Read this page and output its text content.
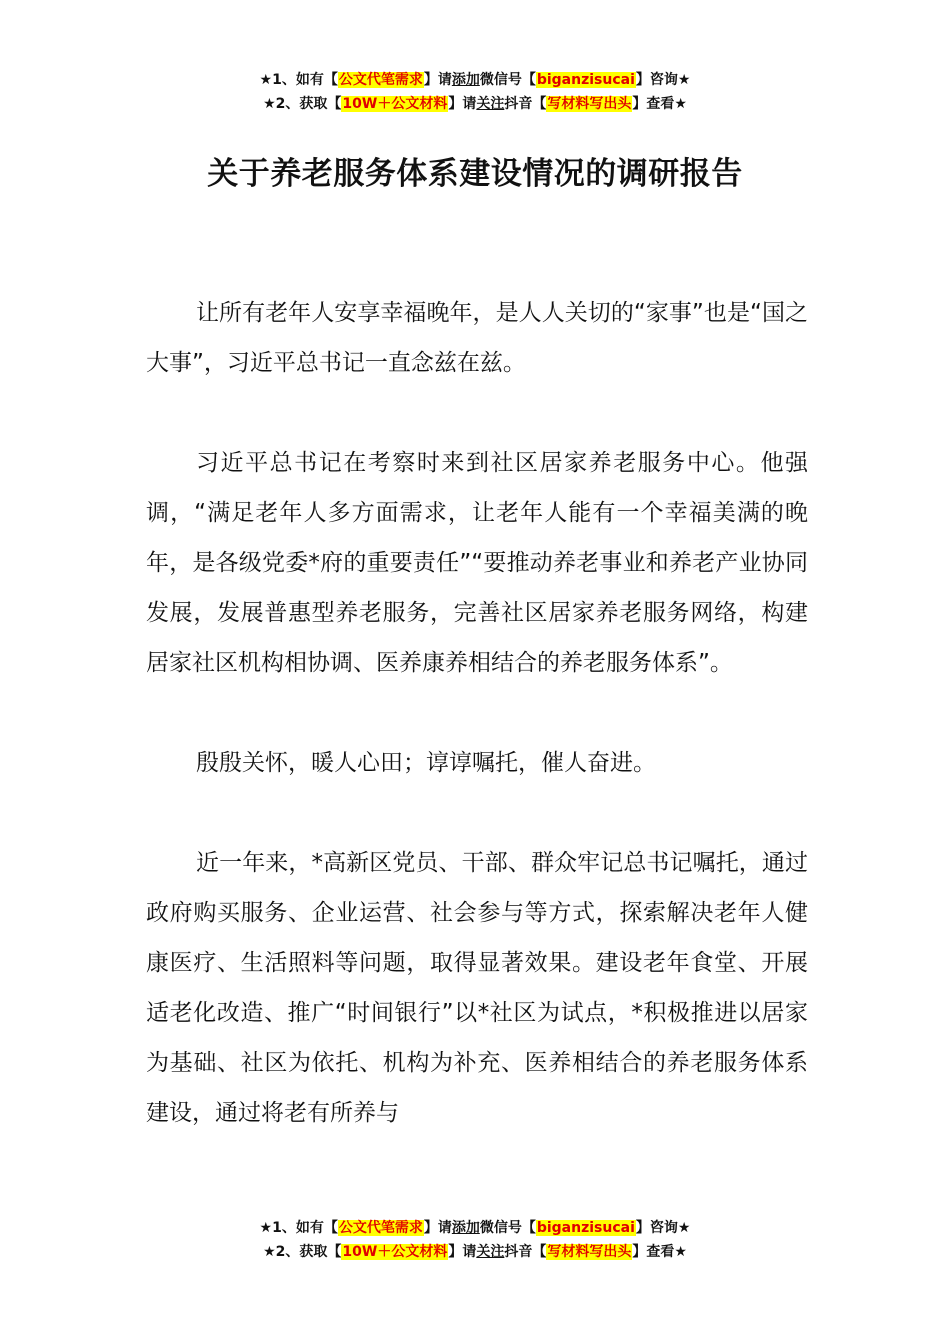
★1、如有【公文代笔需求】请添加微信号【biganzisucai】咨询★
★2、获取【10W＋公文材料】请关注抖音【写材料写出头】查看★
关于养老服务体系建设情况的调研报告

让所有老年人安享幸福晚年，是人人关切的“家事”也是“国之大事”，习近平总书记一直念兹在兹。

习近平总书记在考察时来到社区居家养老服务中心。他强调，“满足老年人多方面需求，让老年人能有一个幸福美满的晚年，是各级党委*府的重要责任”“要推动养老事业和养老产业协同发展，发展普惠型养老服务，完善社区居家养老服务网络，构建居家社区机构相协调、医养康养相结合的养老服务体系”。

殷殷关怀，暖人心田；谆谆嘱托，催人奋进。

近一年来，*高新区党员、干部、群众牢记总书记嘱托，通过政府购买服务、企业运营、社会参与等方式，探索解决老年人健康医疗、生活照料等问题，取得显著效果。建设老年食堂、开展适老化改造、推广“时间银行”以*社区为试点，*积极推进以居家为基础、社区为依托、机构为补充、医养相结合的养老服务体系建设，通过将老有所养与

★1、如有【公文代笔需求】请添加微信号【biganzisucai】咨询★
★2、获取【10W＋公文材料】请关注抖音【写材料写出头】查看★
